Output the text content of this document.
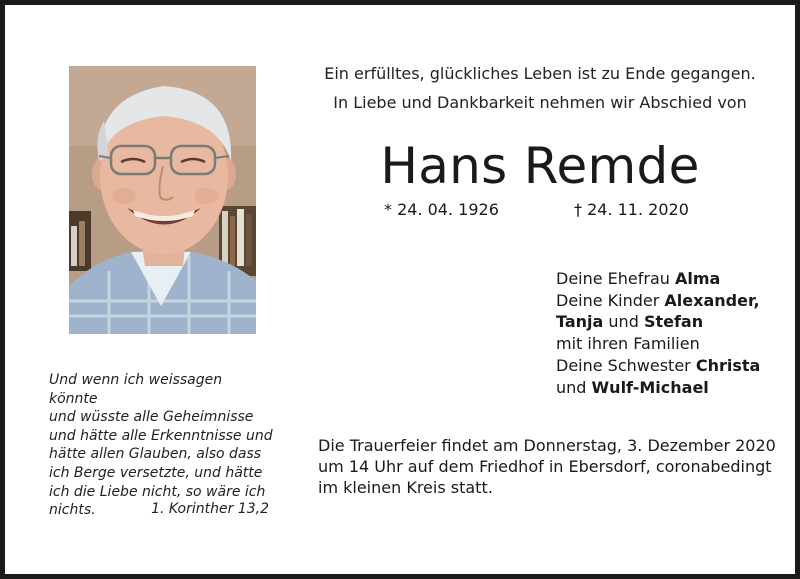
Ein erfülltes, glückliches Leben ist zu Ende gegangen.
In Liebe und Dankbarkeit nehmen wir Abschied von
Hans Remde
* 24. 04. 1926	† 24. 11. 2020
Deine Ehefrau Alma
Deine Kinder Alexander,
Tanja und Stefan
mit ihren Familien
Deine Schwester Christa
und Wulf-Michael
Und wenn ich weissagen könnte
und wüsste alle Geheimnisse
und hätte alle Erkenntnisse und
hätte allen Glauben, also dass
ich Berge versetzte, und hätte
ich die Liebe nicht, so wäre ich
nichts.	1. Korinther 13,2
Die Trauerfeier findet am Donnerstag, 3. Dezember 2020
um 14 Uhr auf dem Friedhof in Ebersdorf, coronabedingt
im kleinen Kreis statt.
